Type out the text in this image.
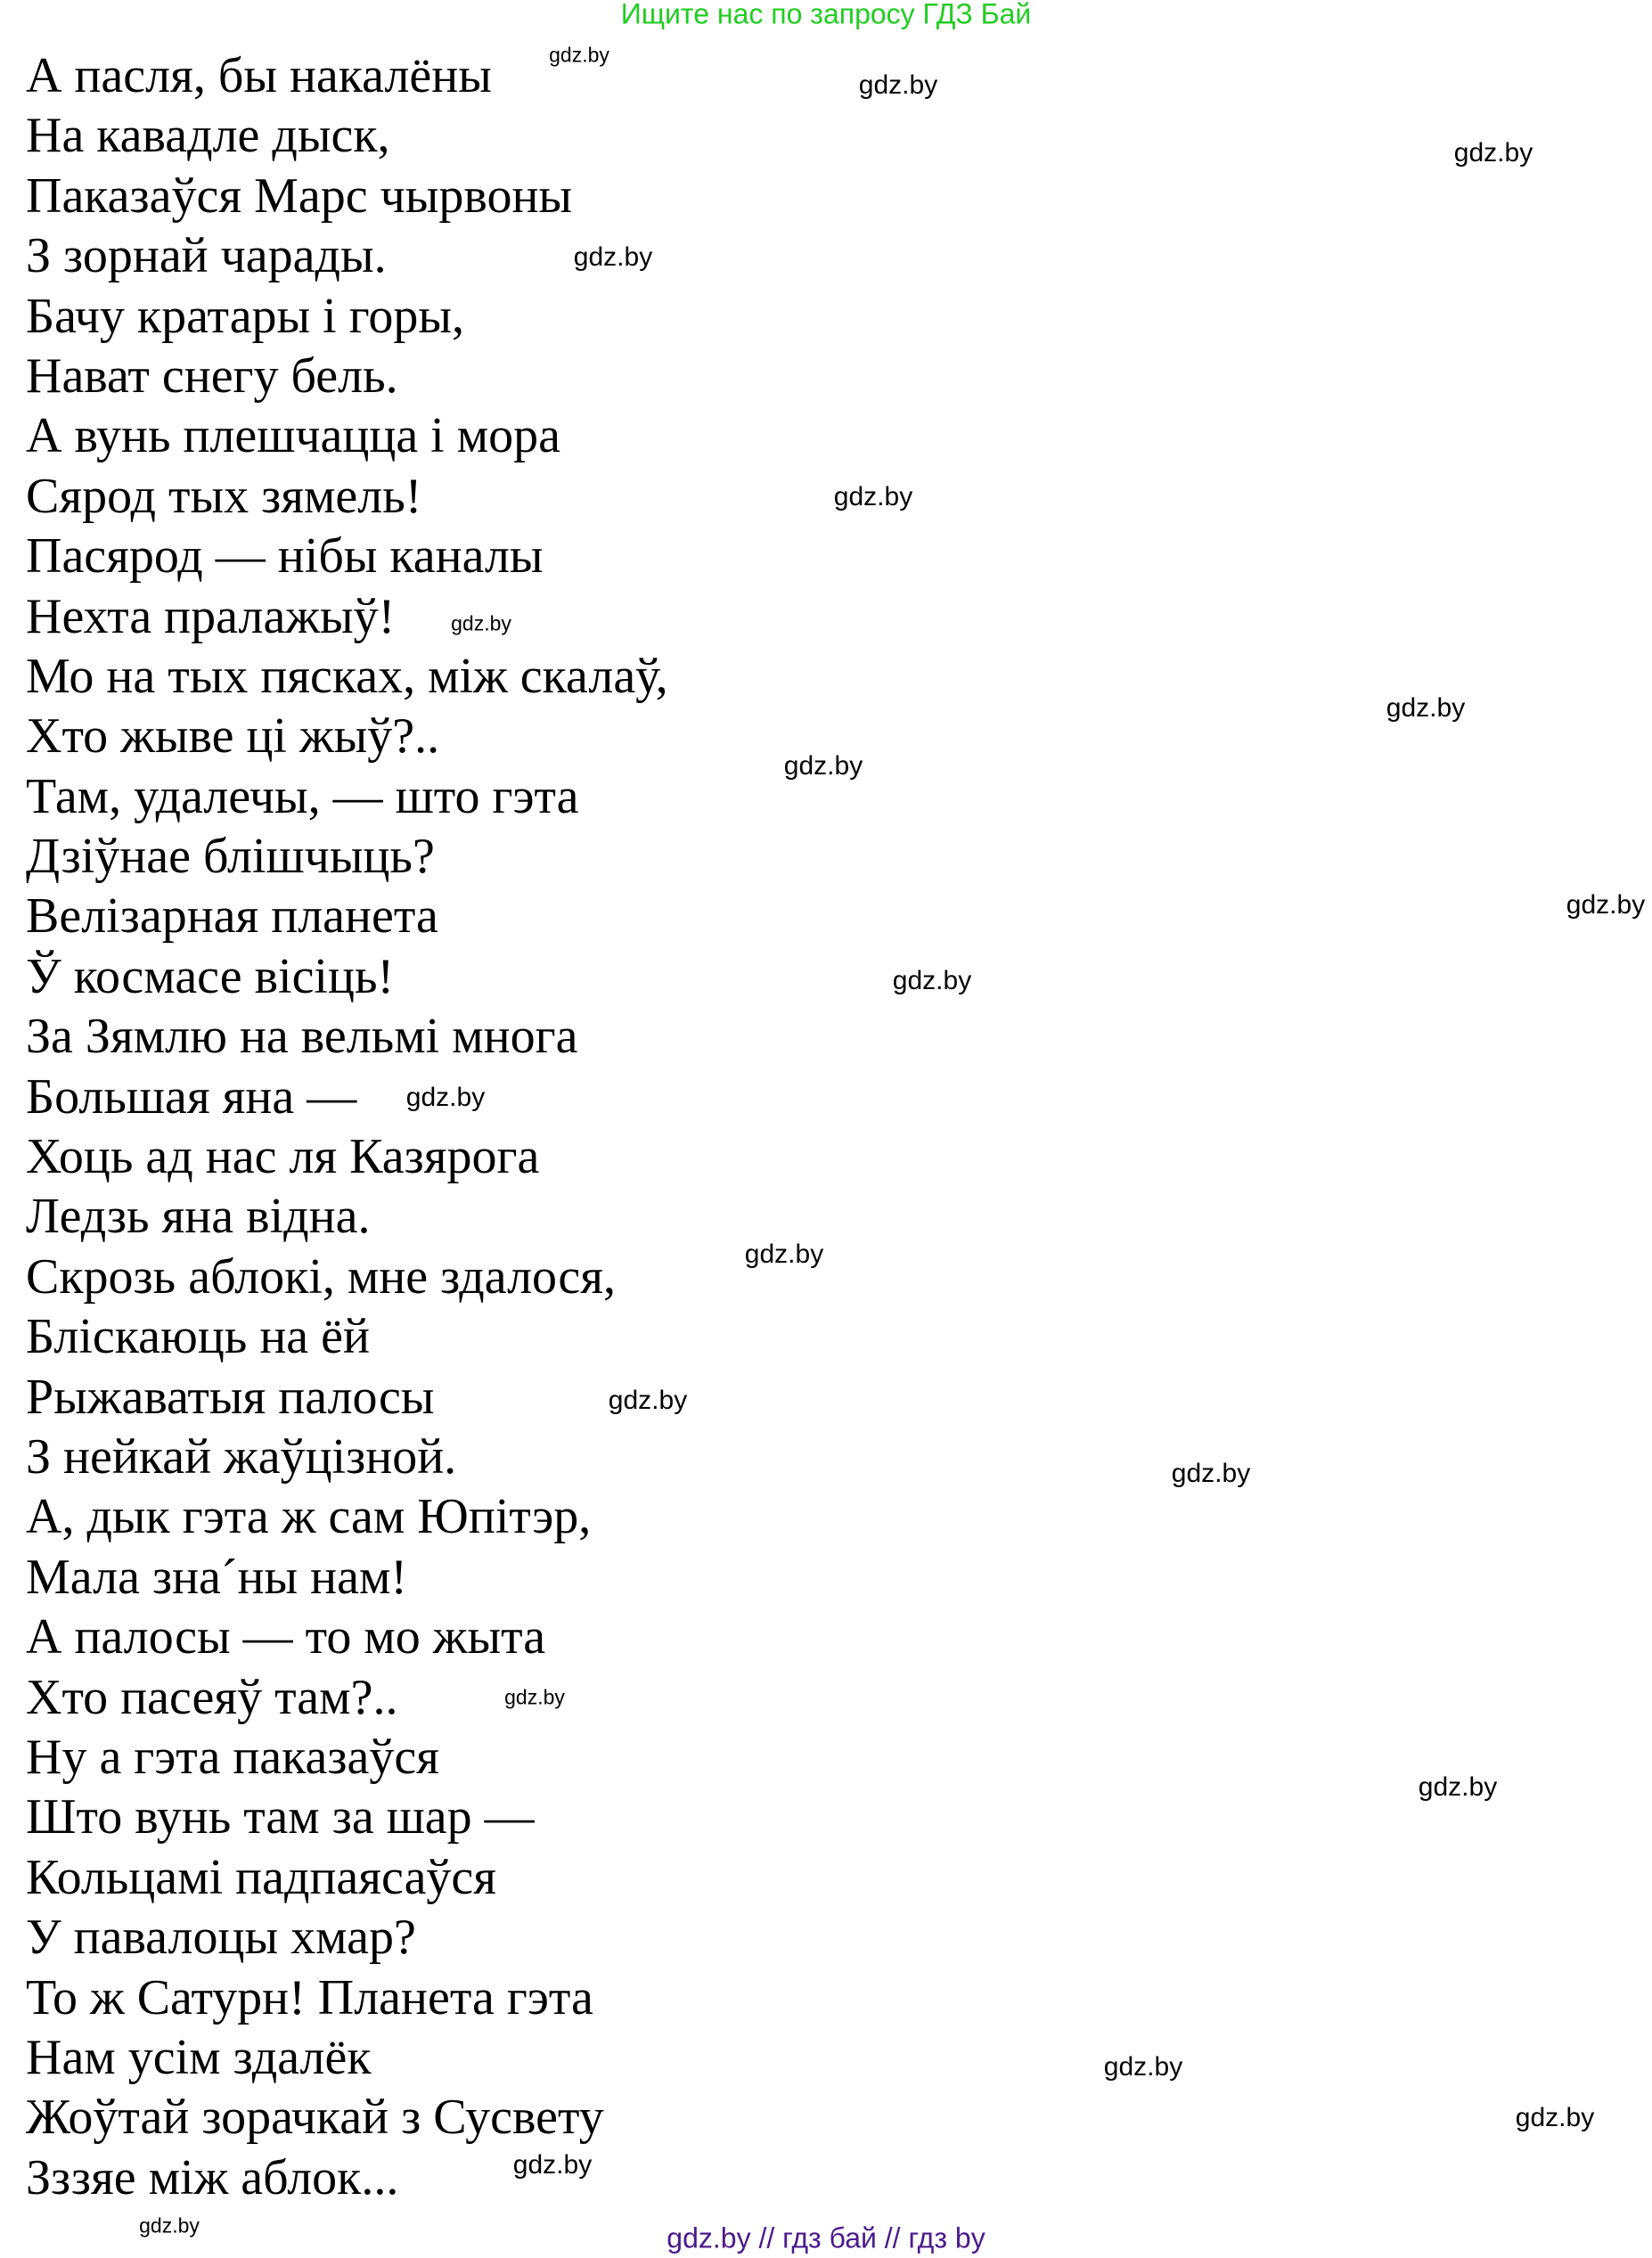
Ищите нас по запросу ГДЗ Бай
А пасля, бы накалёны
На кавадле дыск,
Паказаўся Марс чырвоны
З зорнай чарады.
Бачу кратары і горы,
Нават снегу бель.
А вунь плешчацца і мора
Сярод тых зямель!
Пасярод — нібы каналы
Нехта пралажыў!
Мо на тых пясках, між скалаў,
Хто жыве ці жыў?..
Там, удалечы, — што гэта
Дзіўнае блішчыць?
Велізарная планета
Ў космасе вісіць!
За Зямлю на вельмі многа
Большая яна —
Хоць ад нас ля Казярога
Ледзь яна відна.
Скрозь аблокі, мне здалося,
Бліскаюць на ёй
Рыжаватыя палосы
З нейкай жаўцізной.
А, дык гэта ж сам Юпітэр,
Мала зна´ны нам!
А палосы — то мо жыта
Хто пасеяў там?..
Ну а гэта паказаўся
Што вунь там за шар —
Кольцамі падпаясаўся
У павалоцы хмар?
То ж Сатурн! Планета гэта
Нам усім здалёк
Жоўтай зорачкай з Сусвету
Зззяе між аблок...
gdz.by
gdz.by
gdz.by
gdz.by
gdz.by
gdz.by
gdz.by
gdz.by
gdz.by
gdz.by
gdz.by
gdz.by
gdz.by
gdz.by
gdz.by
gdz.by
gdz.by
gdz.by
gdz.by
gdz.by	gdz.by // гдз бай // гдз by
